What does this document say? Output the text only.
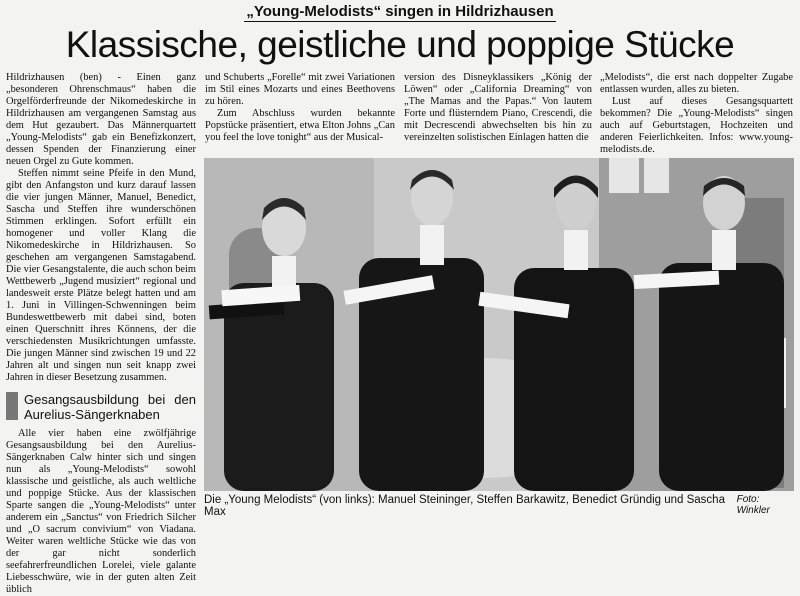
„Young-Melodists“ singen in Hildrizhausen
Klassische, geistliche und poppige Stücke

Hildrizhausen (ben) - Einen ganz „besonderen Ohrenschmaus“ haben die Orgelförderfreunde der Nikomedeskirche in Hildrizhausen am vergangenen Samstag aus dem Hut gezaubert. Das Männerquartett „Young-Melodists“ gab ein Benefizkonzert, dessen Spenden der Finanzierung einer neuen Orgel zu Gute kommen.

Steffen nimmt seine Pfeife in den Mund, gibt den Anfangston und kurz darauf lassen die vier jungen Männer, Manuel, Benedict, Sascha und Steffen ihre wunderschönen Stimmen erklingen. Sofort erfüllt ein homogener und voller Klang die Nikomedeskirche in Hildrizhausen. So geschehen am vergangenen Samstagabend. Die vier Gesangstalente, die auch schon beim Wettbewerb „Jugend musiziert“ regional und landesweit erste Plätze belegt hatten und am 1. Juni in Villingen-Schwenningen beim Bundeswettbewerb mit dabei sind, boten einen Querschnitt ihres Könnens, der die verschiedensten Musikrichtungen umfasste. Die jungen Männer sind zwischen 19 und 22 Jahren alt und singen nun seit knapp zwei Jahren in dieser Besetzung zusammen.

Gesangsausbildung bei den Aurelius-Sängerknaben

Alle vier haben eine zwölfjährige Gesangsausbildung bei den Aurelius-Sängerknaben Calw hinter sich und singen nun als „Young-Melodists“ sowohl klassische und geistliche, als auch weltliche und poppige Stücke. Aus der klassischen Sparte sangen die „Young-Melodists“ unter anderem ein „Sanctus“ von Friedrich Silcher und „O sacrum convivium“ von Viadana. Weiter waren weltliche Stücke wie das von der gar nicht sonderlich seefahrerfreundlichen Lorelei, viele galante Liebesschwüre, wie in der guten alten Zeit üblich

und Schuberts „Forelle“ mit zwei Variationen im Stil eines Mozarts und eines Beethovens zu hören.

Zum Abschluss wurden bekannte Popstücke präsentiert, etwa Elton Johns „Can you feel the love tonight“ aus der Musical-

version des Disneyklassikers „König der Löwen“ oder „California Dreaming“ von „The Mamas and the Papas.“ Von lautem Forte und flüsterndem Piano, Crescendi, die mit Decrescendi abwechselten bis hin zu vereinzelten solistischen Einlagen hatten die

„Melodists“, die erst nach doppelter Zugabe entlassen wurden, alles zu bieten.

Lust auf dieses Gesangsquartett bekommen? Die „Young-Melodists“ singen auch auf Geburtstagen, Hochzeiten und anderen Feierlichkeiten. Infos: www.young-melodists.de.

Die „Young Melodists“ (von links): Manuel Steininger, Steffen Barkawitz, Benedict Gründig und Sascha Max
Foto: Winkler
